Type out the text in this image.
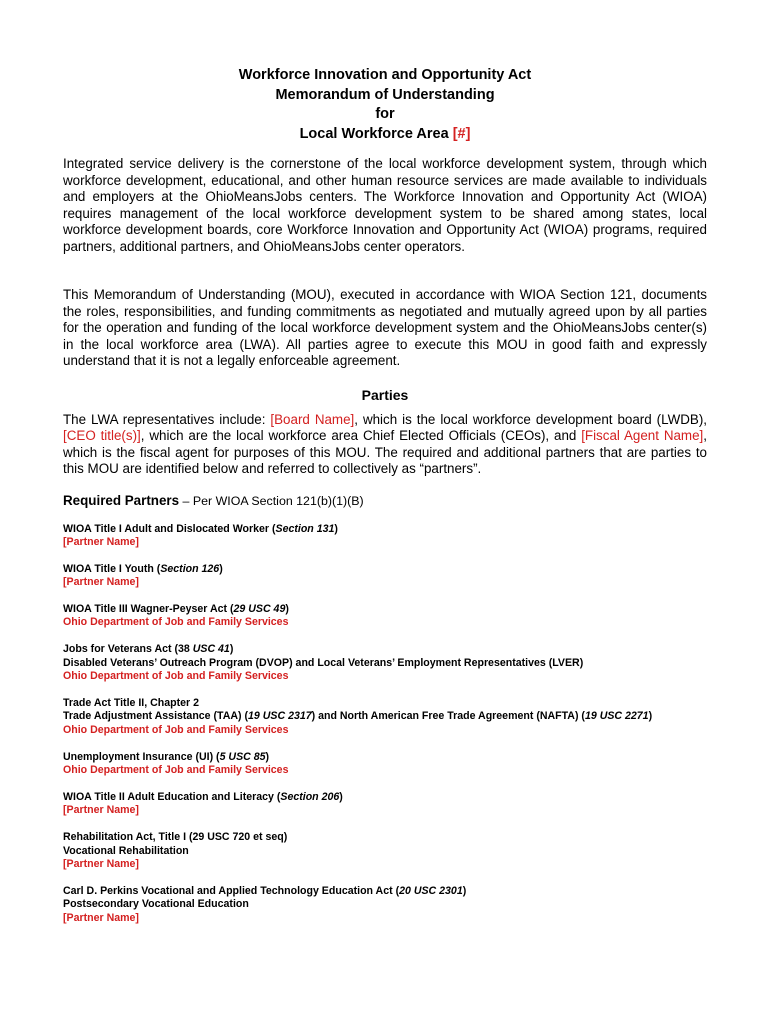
Workforce Innovation and Opportunity Act
Memorandum of Understanding
for
Local Workforce Area [#]

Integrated service delivery is the cornerstone of the local workforce development system, through which workforce development, educational, and other human resource services are made available to individuals and employers at the OhioMeansJobs centers. The Workforce Innovation and Opportunity Act (WIOA) requires management of the local workforce development system to be shared among states, local workforce development boards, core Workforce Innovation and Opportunity Act (WIOA) programs, required partners, additional partners, and OhioMeansJobs center operators.

This Memorandum of Understanding (MOU), executed in accordance with WIOA Section 121, documents the roles, responsibilities, and funding commitments as negotiated and mutually agreed upon by all parties for the operation and funding of the local workforce development system and the OhioMeansJobs center(s) in the local workforce area (LWA). All parties agree to execute this MOU in good faith and expressly understand that it is not a legally enforceable agreement.

Parties

The LWA representatives include: [Board Name], which is the local workforce development board (LWDB), [CEO title(s)], which are the local workforce area Chief Elected Officials (CEOs), and [Fiscal Agent Name], which is the fiscal agent for purposes of this MOU. The required and additional partners that are parties to this MOU are identified below and referred to collectively as “partners”.

Required Partners – Per WIOA Section 121(b)(1)(B)
WIOA Title I Adult and Dislocated Worker (Section 131)
[Partner Name]
WIOA Title I Youth (Section 126)
[Partner Name]
WIOA Title III Wagner-Peyser Act (29 USC 49)
Ohio Department of Job and Family Services
Jobs for Veterans Act (38 USC 41)
Disabled Veterans’ Outreach Program (DVOP) and Local Veterans’ Employment Representatives (LVER)
Ohio Department of Job and Family Services
Trade Act Title II, Chapter 2
Trade Adjustment Assistance (TAA) (19 USC 2317) and North American Free Trade Agreement (NAFTA) (19 USC 2271)
Ohio Department of Job and Family Services
Unemployment Insurance (UI) (5 USC 85)
Ohio Department of Job and Family Services
WIOA Title II Adult Education and Literacy (Section 206)
[Partner Name]
Rehabilitation Act, Title I (29 USC 720 et seq)
Vocational Rehabilitation
[Partner Name]
Carl D. Perkins Vocational and Applied Technology Education Act (20 USC 2301)
Postsecondary Vocational Education
[Partner Name]
